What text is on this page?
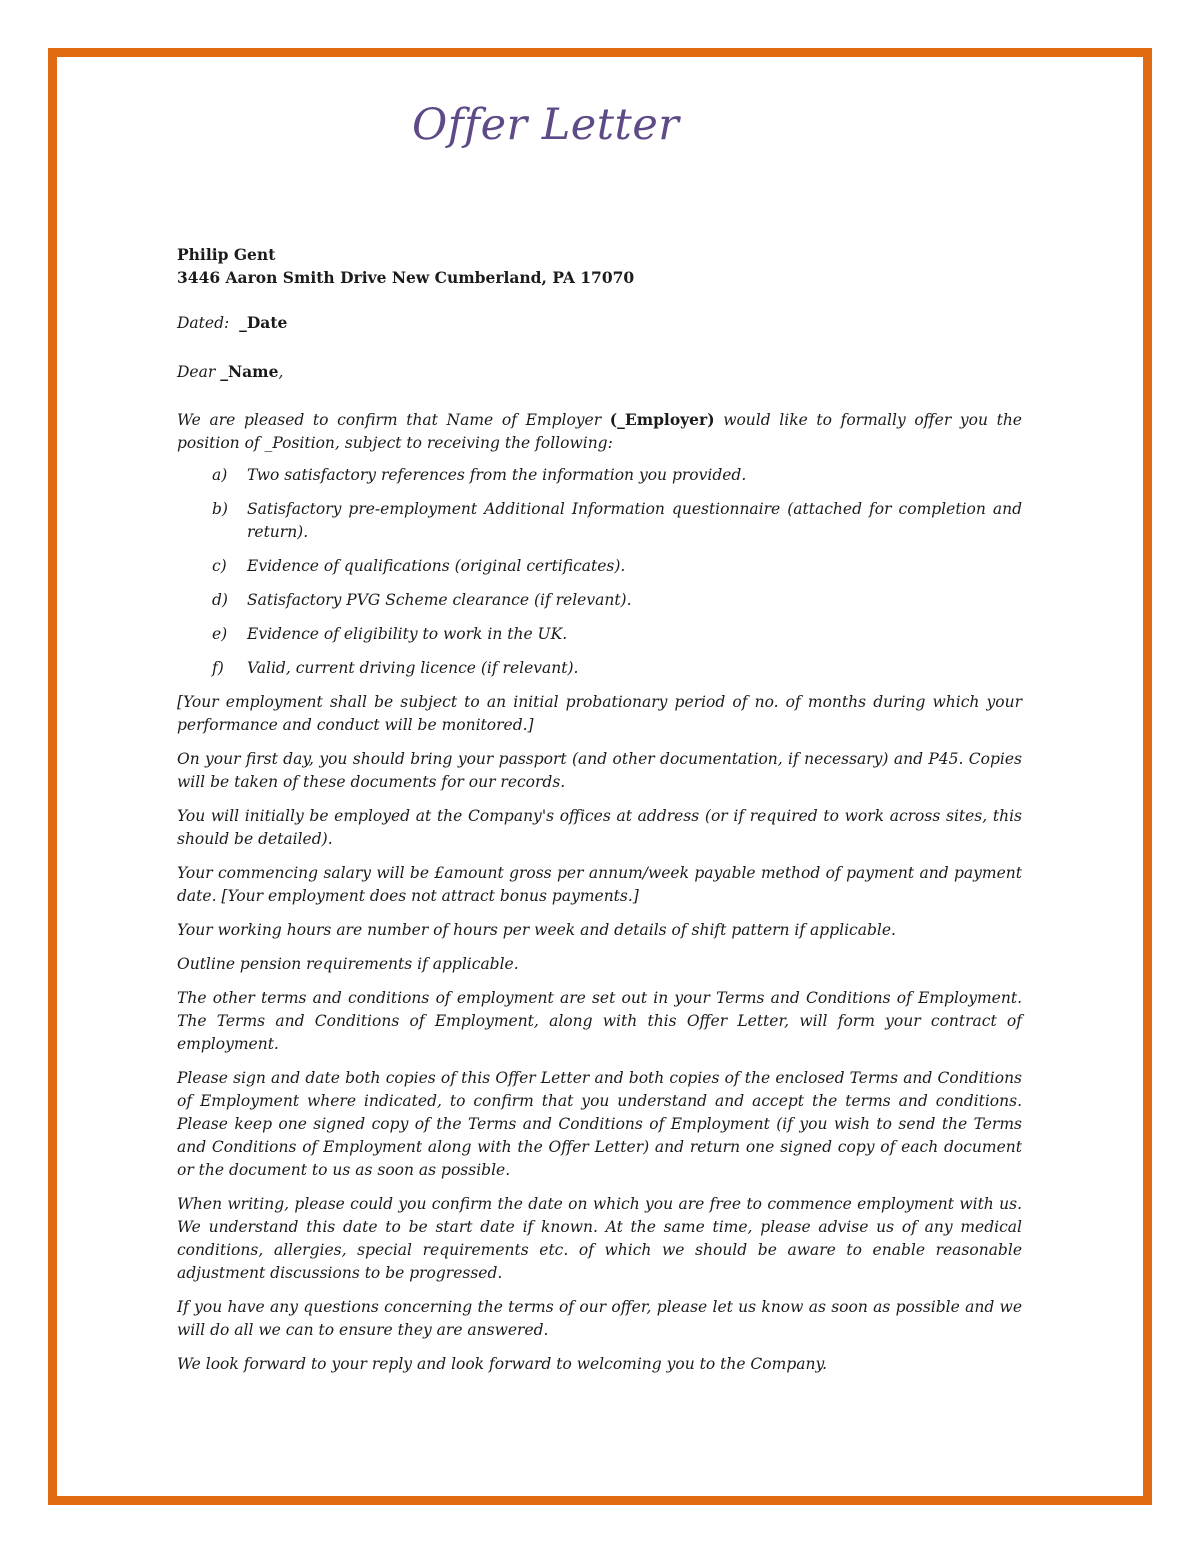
Offer Letter

Philip Gent

3446 Aaron Smith Drive New Cumberland, PA 17070

Dated: _Date

Dear _Name,

We are pleased to confirm that Name of Employer (_Employer) would like to formally offer you the position of _Position, subject to receiving the following:

a)	Two satisfactory references from the information you provided.
b)	Satisfactory pre-employment Additional Information questionnaire (attached for completion and return).
c)	Evidence of qualifications (original certificates).
d)	Satisfactory PVG Scheme clearance (if relevant).
e)	Evidence of eligibility to work in the UK.
f)	Valid, current driving licence (if relevant).

[Your employment shall be subject to an initial probationary period of no. of months during which your performance and conduct will be monitored.]

On your first day, you should bring your passport (and other documentation, if necessary) and P45. Copies will be taken of these documents for our records.

You will initially be employed at the Company's offices at address (or if required to work across sites, this should be detailed).

Your commencing salary will be £amount gross per annum/week payable method of payment and payment date. [Your employment does not attract bonus payments.]

Your working hours are number of hours per week and details of shift pattern if applicable.

Outline pension requirements if applicable.

The other terms and conditions of employment are set out in your Terms and Conditions of Employment. The Terms and Conditions of Employment, along with this Offer Letter, will form your contract of employment.

Please sign and date both copies of this Offer Letter and both copies of the enclosed Terms and Conditions of Employment where indicated, to confirm that you understand and accept the terms and conditions. Please keep one signed copy of the Terms and Conditions of Employment (if you wish to send the Terms and Conditions of Employment along with the Offer Letter) and return one signed copy of each document or the document to us as soon as possible.

When writing, please could you confirm the date on which you are free to commence employment with us. We understand this date to be start date if known. At the same time, please advise us of any medical conditions, allergies, special requirements etc. of which we should be aware to enable reasonable adjustment discussions to be progressed.

If you have any questions concerning the terms of our offer, please let us know as soon as possible and we will do all we can to ensure they are answered.

We look forward to your reply and look forward to welcoming you to the Company.
